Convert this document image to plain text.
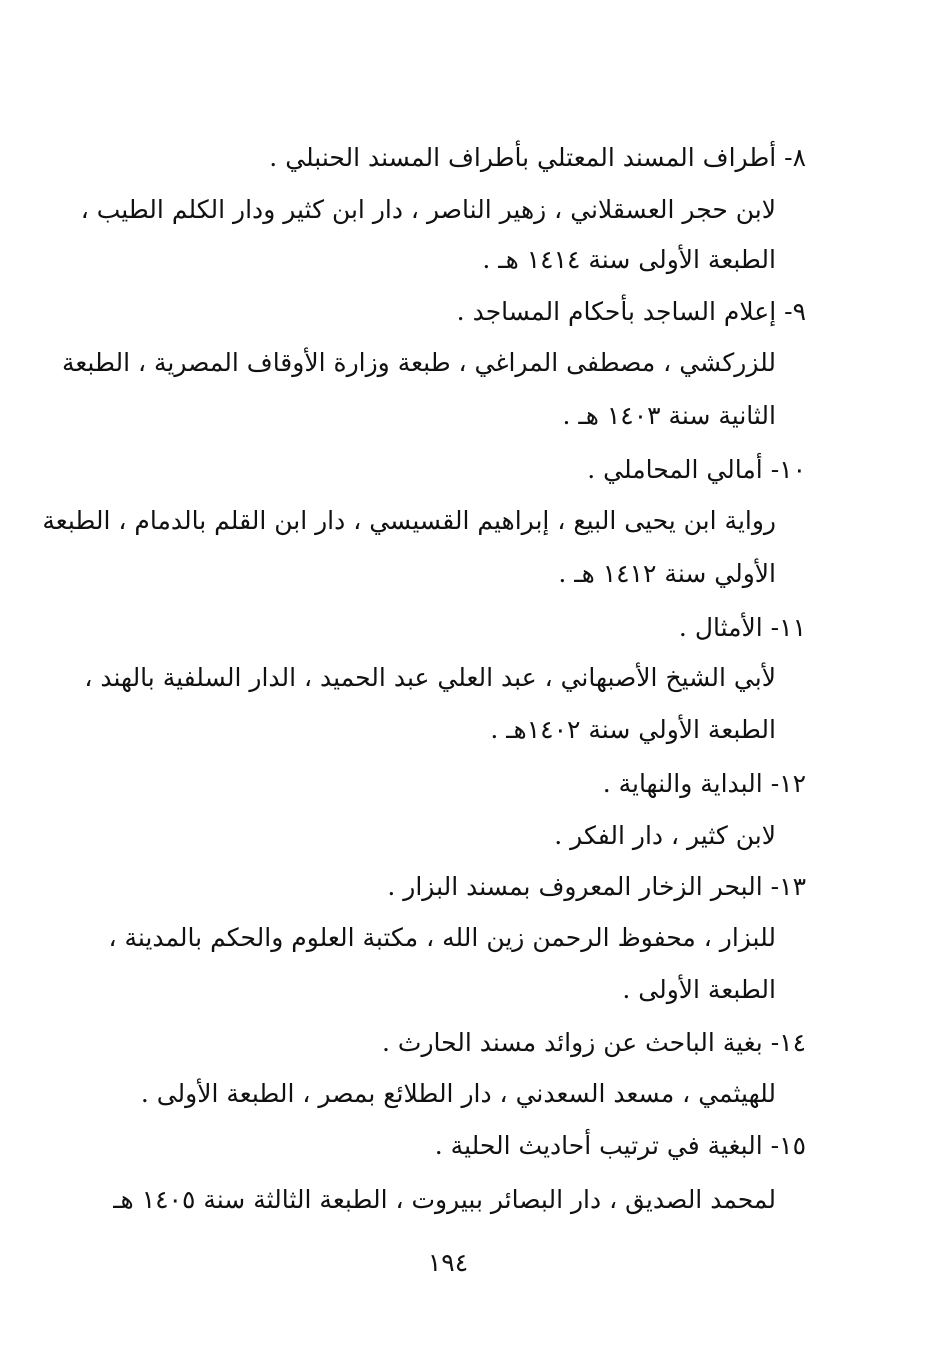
٨- أطراف المسند المعتلي بأطراف المسند الحنبلي .
لابن حجر العسقلاني ، زهير الناصر ، دار ابن كثير ودار الكلم الطيب ،
الطبعة الأولى سنة ١٤١٤ هـ .
٩- إعلام الساجد بأحكام المساجد .
للزركشي ، مصطفى المراغي ، طبعة وزارة الأوقاف المصرية ، الطبعة
الثانية سنة ١٤٠٣ هـ .
١٠- أمالي المحاملي .
رواية ابن يحيى البيع ، إبراهيم القسيسي ، دار ابن القلم بالدمام ، الطبعة
الأولي سنة ١٤١٢ هـ .
١١- الأمثال .
لأبي الشيخ الأصبهاني ، عبد العلي عبد الحميد ، الدار السلفية بالهند ،
الطبعة الأولي سنة ١٤٠٢هـ .
١٢- البداية والنهاية .
لابن كثير ، دار الفكر .
١٣- البحر الزخار المعروف بمسند البزار .
للبزار ، محفوظ الرحمن زين الله ، مكتبة العلوم والحكم بالمدينة ،
الطبعة الأولى .
١٤- بغية الباحث عن زوائد مسند الحارث .
للهيثمي ، مسعد السعدني ، دار الطلائع بمصر ، الطبعة الأولى .
١٥- البغية في ترتيب أحاديث الحلية .
لمحمد الصديق ، دار البصائر ببيروت ، الطبعة الثالثة سنة ١٤٠٥ هـ
١٩٤
